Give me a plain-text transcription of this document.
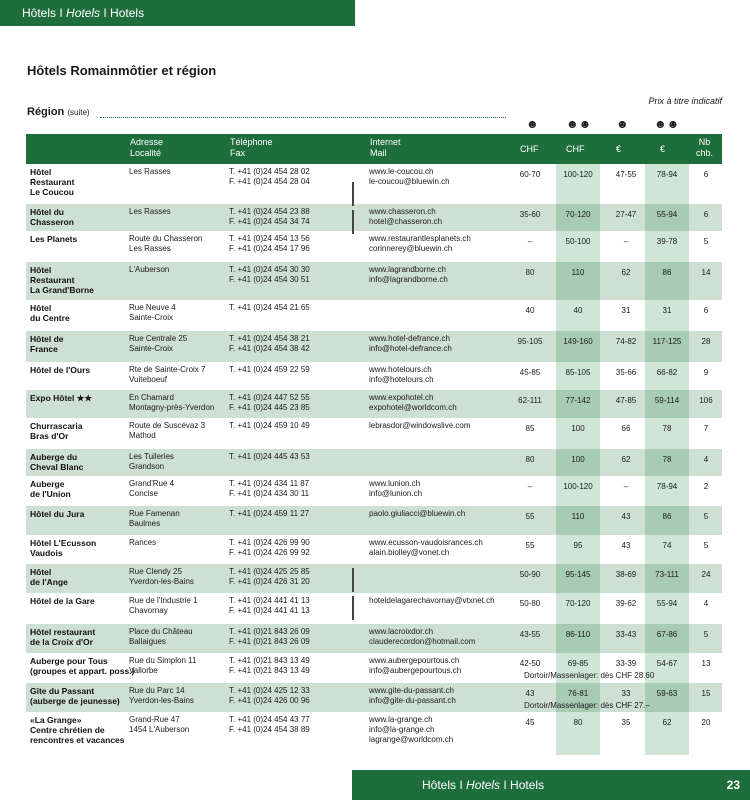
Hôtels I Hotels I Hotels
Hôtels Romainmôtier et région
Région (suite)
Prix à titre indicatif
☻ ☻☻ ☻ ☻☻
Adresse
Localité
Téléphone
Fax
Internet
Mail	CHF	CHF	€	€
Nb
chb.
Hôtel
Restaurant
Le Coucou
Les Rasses	T. +41 (0)24 454 28 02
F. +41 (0)24 454 28 04
www.le-coucou.ch
le-coucou@bluewin.ch
60-70	100-120	47-55	78-94	6
Hôtel du
Chasseron
Les Rasses	T. +41 (0)24 454 23 88
F. +41 (0)24 454 34 74
www.chasseron.ch
hotel@chasseron.ch
35-60	70-120	27-47	55-94	6
Les Planets	Route du Chasseron
Les Rasses
T. +41 (0)24 454 13 56
F. +41 (0)24 454 17 96
www.restaurantlesplanets.ch
corinnerey@bluewin.ch
–	50-100	–	39-78	5
Hôtel
Restaurant
La Grand'Borne
L'Auberson	T. +41 (0)24 454 30 30
F. +41 (0)24 454 30 51
www.lagrandborne.ch
info@lagrandborne.ch
80	110	62	86	14
Hôtel
du Centre
Rue Neuve 4
Sainte-Croix
T. +41 (0)24 454 21 65	40	40	31	31	6
Hôtel de
France
Rue Centrale 25
Sainte-Croix
T. +41 (0)24 454 38 21
F. +41 (0)24 454 38 42
www.hotel-defrance.ch
info@hotel-defrance.ch
95-105	149-160	74-82	117-125	28
Hôtel de l'Ours	Rte de Sainte-Croix 7
Vuiteboeuf
T. +41 (0)24 459 22 59	www.hotelours.ch
info@hotelours.ch
45-85	85-105	35-66	66-82	9
Expo Hôtel ★★	En Chamard
Montagny-près-Yverdon
T. +41 (0)24 447 52 55
F. +41 (0)24 445 23 85
www.expohotel.ch
expohotel@worldcom.ch
62-111	77-142	47-85	59-114	106
Churrascaria
Bras d'Or
Route de Suscévaz 3
Mathod
T. +41 (0)24 459 10 49	lebrasdor@windowslive.com	85	100	66	78	7
Auberge du
Cheval Blanc
Les Tuileries
Grandson
T. +41 (0)24 445 43 53	80	100	62	78	4
Auberge
de l'Union
Grand'Rue 4
Concise
T. +41 (0)24 434 11 87
F. +41 (0)24 434 30 11
www.lunion.ch
info@lunion.ch
–	100-120	–	78-94	2
Hôtel du Jura	Rue Famenan
Baulmes
T. +41 (0)24 459 11 27	paolo.giuliacci@bluewin.ch	55	110	43	86	5
Hôtel L'Ecusson
Vaudois
Rances	T. +41 (0)24 426 99 90
F. +41 (0)24 426 99 92
www.ecusson-vaudoisrances.ch
alain.biolley@vonet.ch
55	95	43	74	5
Hôtel
de l'Ange
Rue Clendy 25
Yverdon-les-Bains
T. +41 (0)24 425 25 85
F. +41 (0)24 426 31 20
50-90	95-145	38-69	73-111	24
Hôtel de la Gare	Rue de l'Industrie 1
Chavornay
T. +41 (0)24 441 41 13
F. +41 (0)24 441 41 13
hoteldelagarechavornay@vtxnet.ch	50-80	70-120	39-62	55-94	4
Hôtel restaurant
de la Croix d'Or
Place du Château
Ballaigues
T. +41 (0)21 843 26 09
F. +41 (0)21 843 26 09
www.lacroixdor.ch
clauderecordon@hotmail.com
43-55	86-110	33-43	67-86	5
Auberge pour Tous
(groupes et appart. poss.)
Rue du Simplon 11
Vallorbe
T. +41 (0)21 843 13 49
F. +41 (0)21 843 13 49
www.aubergepourtous.ch
info@aubergepourtous.ch
42-50	69-85	33-39	54-67	13
Dortoir/Massenlager: dès CHF 28.60
Gîte du Passant
(auberge de jeunesse)
Rue du Parc 14
Yverdon-les-Bains
T. +41 (0)24 425 12 33
F. +41 (0)24 426 00 96
www.gite-du-passant.ch
info@gite-du-passant.ch
43	76-81	33	59-63	15
Dortoir/Massenlager: dès CHF 27.–
«La Grange»
Centre chrétien de
rencontres et vacances
Grand-Rue 47
1454 L'Auberson
T. +41 (0)24 454 43 77
F. +41 (0)24 454 38 89
www.la-grange.ch
info@la-grange.ch
lagrange@worldcom.ch
45	80	35	62	20
Hôtels I Hotels I Hotels	23
